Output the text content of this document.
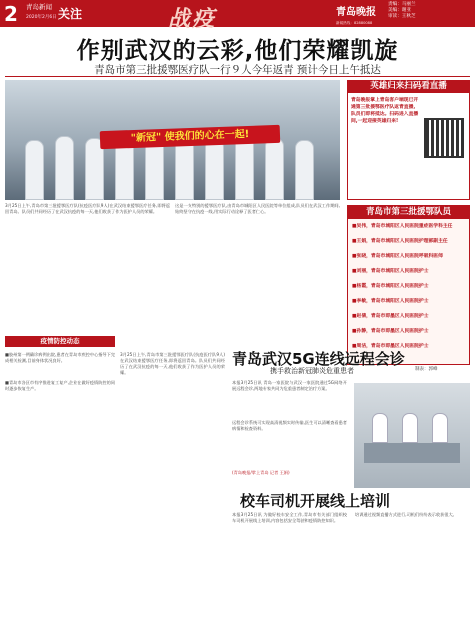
2 青岛新闻
2020年2月6日 关注	战疫	青岛晚报
责编：马丽兰
美编：谢亚
审读：王秋芝
新闻热线：82880088
作别武汉的云彩,他们荣耀凯旋
青岛市第三批援鄂医疗队一行９人今年返青 预计今日上午抵达
"新冠" 使我们的心在一起!
3月25日上午,青岛市第三批援鄂医疗队(抗疫医疗队9人)在武汉结束援鄂医疗任务,即将返回青岛。队员们共同经历了在武汉抗疫的每一天,他们收获了作为医护人员的荣耀。
这是一支特别的援鄂医疗队,由青岛市城阳区人民医院等单位组成,队员们在武汉工作期间,始终坚守在抗疫一线,用实际行动诠释了医者仁心。
英雄归来扫码看直播
青岛晚报掌上青岛客户端现已开通第三批援鄂医疗队返青直播,队员们即将抵达。扫码进入直播间,一起迎接英雄归来!
青岛市第三批援鄂队员
■吴伟，青岛市城阳区人民医院重症医学科主任
■王娟，青岛市城阳区人民医院护理部副主任
■张晓，青岛市城阳区人民医院呼吸科医师
■刘丽，青岛市城阳区人民医院护士
■杨霞，青岛市城阳区人民医院护士
■李敏，青岛市城阳区人民医院护士
■赵倩，青岛市即墨区人民医院护士
■孙静，青岛市即墨区人民医院护士
■周洁，青岛市即墨区人民医院护士
制表：郭峰
疫情防控动态
■胶州第一例确诊病例出院,患者在青岛市疾控中心指导下完成相关检测,目前身体状况良好。
■青岛市各区市有序推进复工复产,企业在做好疫情防控的同时逐步恢复生产。
青岛武汉5G连线远程会诊
携手救治新冠肺炎危重患者
本报3月25日讯 青岛一家医院与武汉一家医院通过5G网络开展远程会诊,两地专家共同为危重患者制定治疗方案。
远程会诊系统可实现高清视频实时传输,医生可以清晰查看患者病情和检查资料。
(青岛晚报/掌上青岛 记者 王娟)
校车司机开展线上培训
本报3月25日讯 为做好校车安全工作,青岛市有关部门组织校车司机开展线上培训,内容包括安全驾驶和疫情防控知识。
培训通过视频直播方式进行,司机们纷纷表示收获很大。
3月25日上午,青岛市第三批援鄂医疗队(抗疫医疗队9人)在武汉结束援鄂医疗任务,即将返回青岛。队员们共同经历了在武汉抗疫的每一天,他们收获了作为医护人员的荣耀。
